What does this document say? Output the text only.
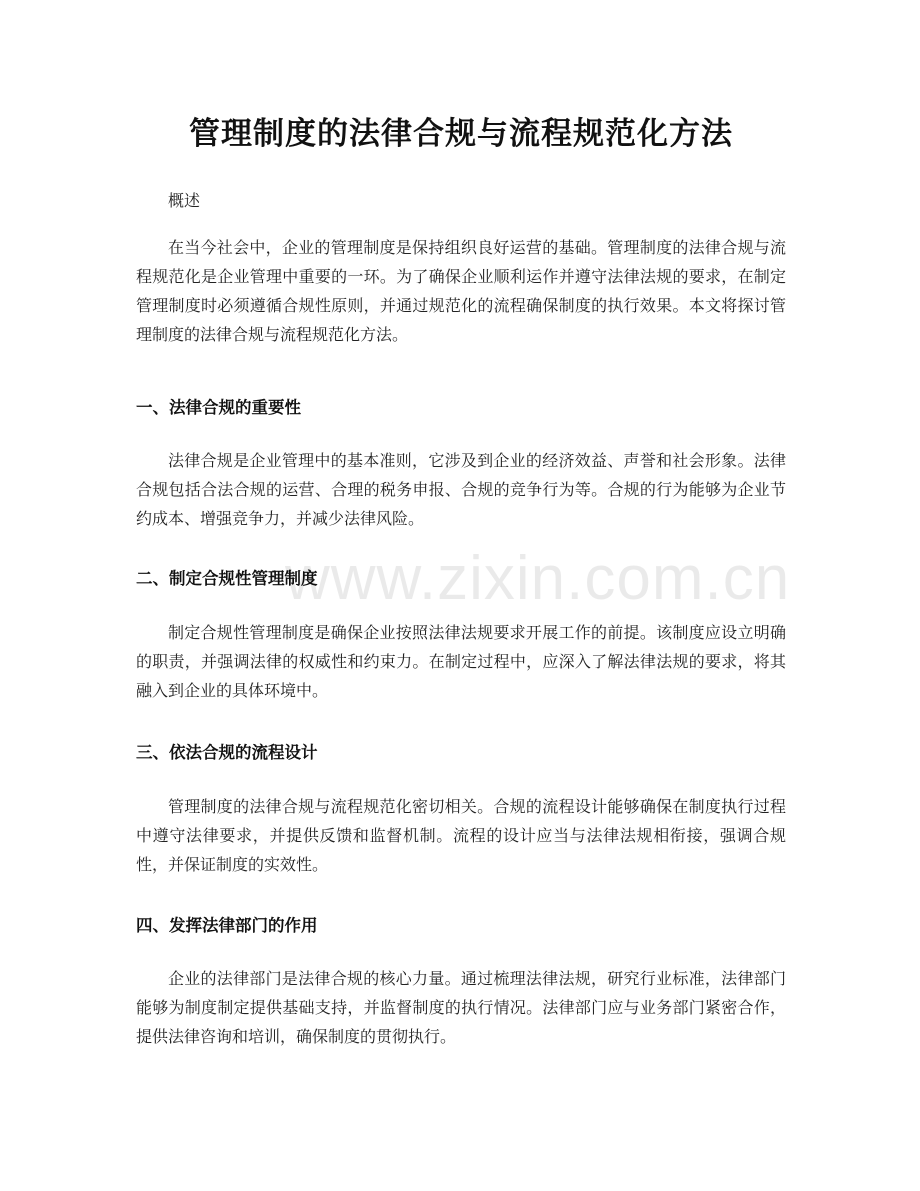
管理制度的法律合规与流程规范化方法

概述

在当今社会中，企业的管理制度是保持组织良好运营的基础。管理制度的法律合规与流程规范化是企业管理中重要的一环。为了确保企业顺利运作并遵守法律法规的要求，在制定管理制度时必须遵循合规性原则，并通过规范化的流程确保制度的执行效果。本文将探讨管理制度的法律合规与流程规范化方法。

一、法律合规的重要性

法律合规是企业管理中的基本准则，它涉及到企业的经济效益、声誉和社会形象。法律合规包括合法合规的运营、合理的税务申报、合规的竞争行为等。合规的行为能够为企业节约成本、增强竞争力，并减少法律风险。

二、制定合规性管理制度

制定合规性管理制度是确保企业按照法律法规要求开展工作的前提。该制度应设立明确的职责，并强调法律的权威性和约束力。在制定过程中，应深入了解法律法规的要求，将其融入到企业的具体环境中。

三、依法合规的流程设计

管理制度的法律合规与流程规范化密切相关。合规的流程设计能够确保在制度执行过程中遵守法律要求，并提供反馈和监督机制。流程的设计应当与法律法规相衔接，强调合规性，并保证制度的实效性。

四、发挥法律部门的作用

企业的法律部门是法律合规的核心力量。通过梳理法律法规，研究行业标准，法律部门能够为制度制定提供基础支持，并监督制度的执行情况。法律部门应与业务部门紧密合作，提供法律咨询和培训，确保制度的贯彻执行。

www.zixin.com.cn
